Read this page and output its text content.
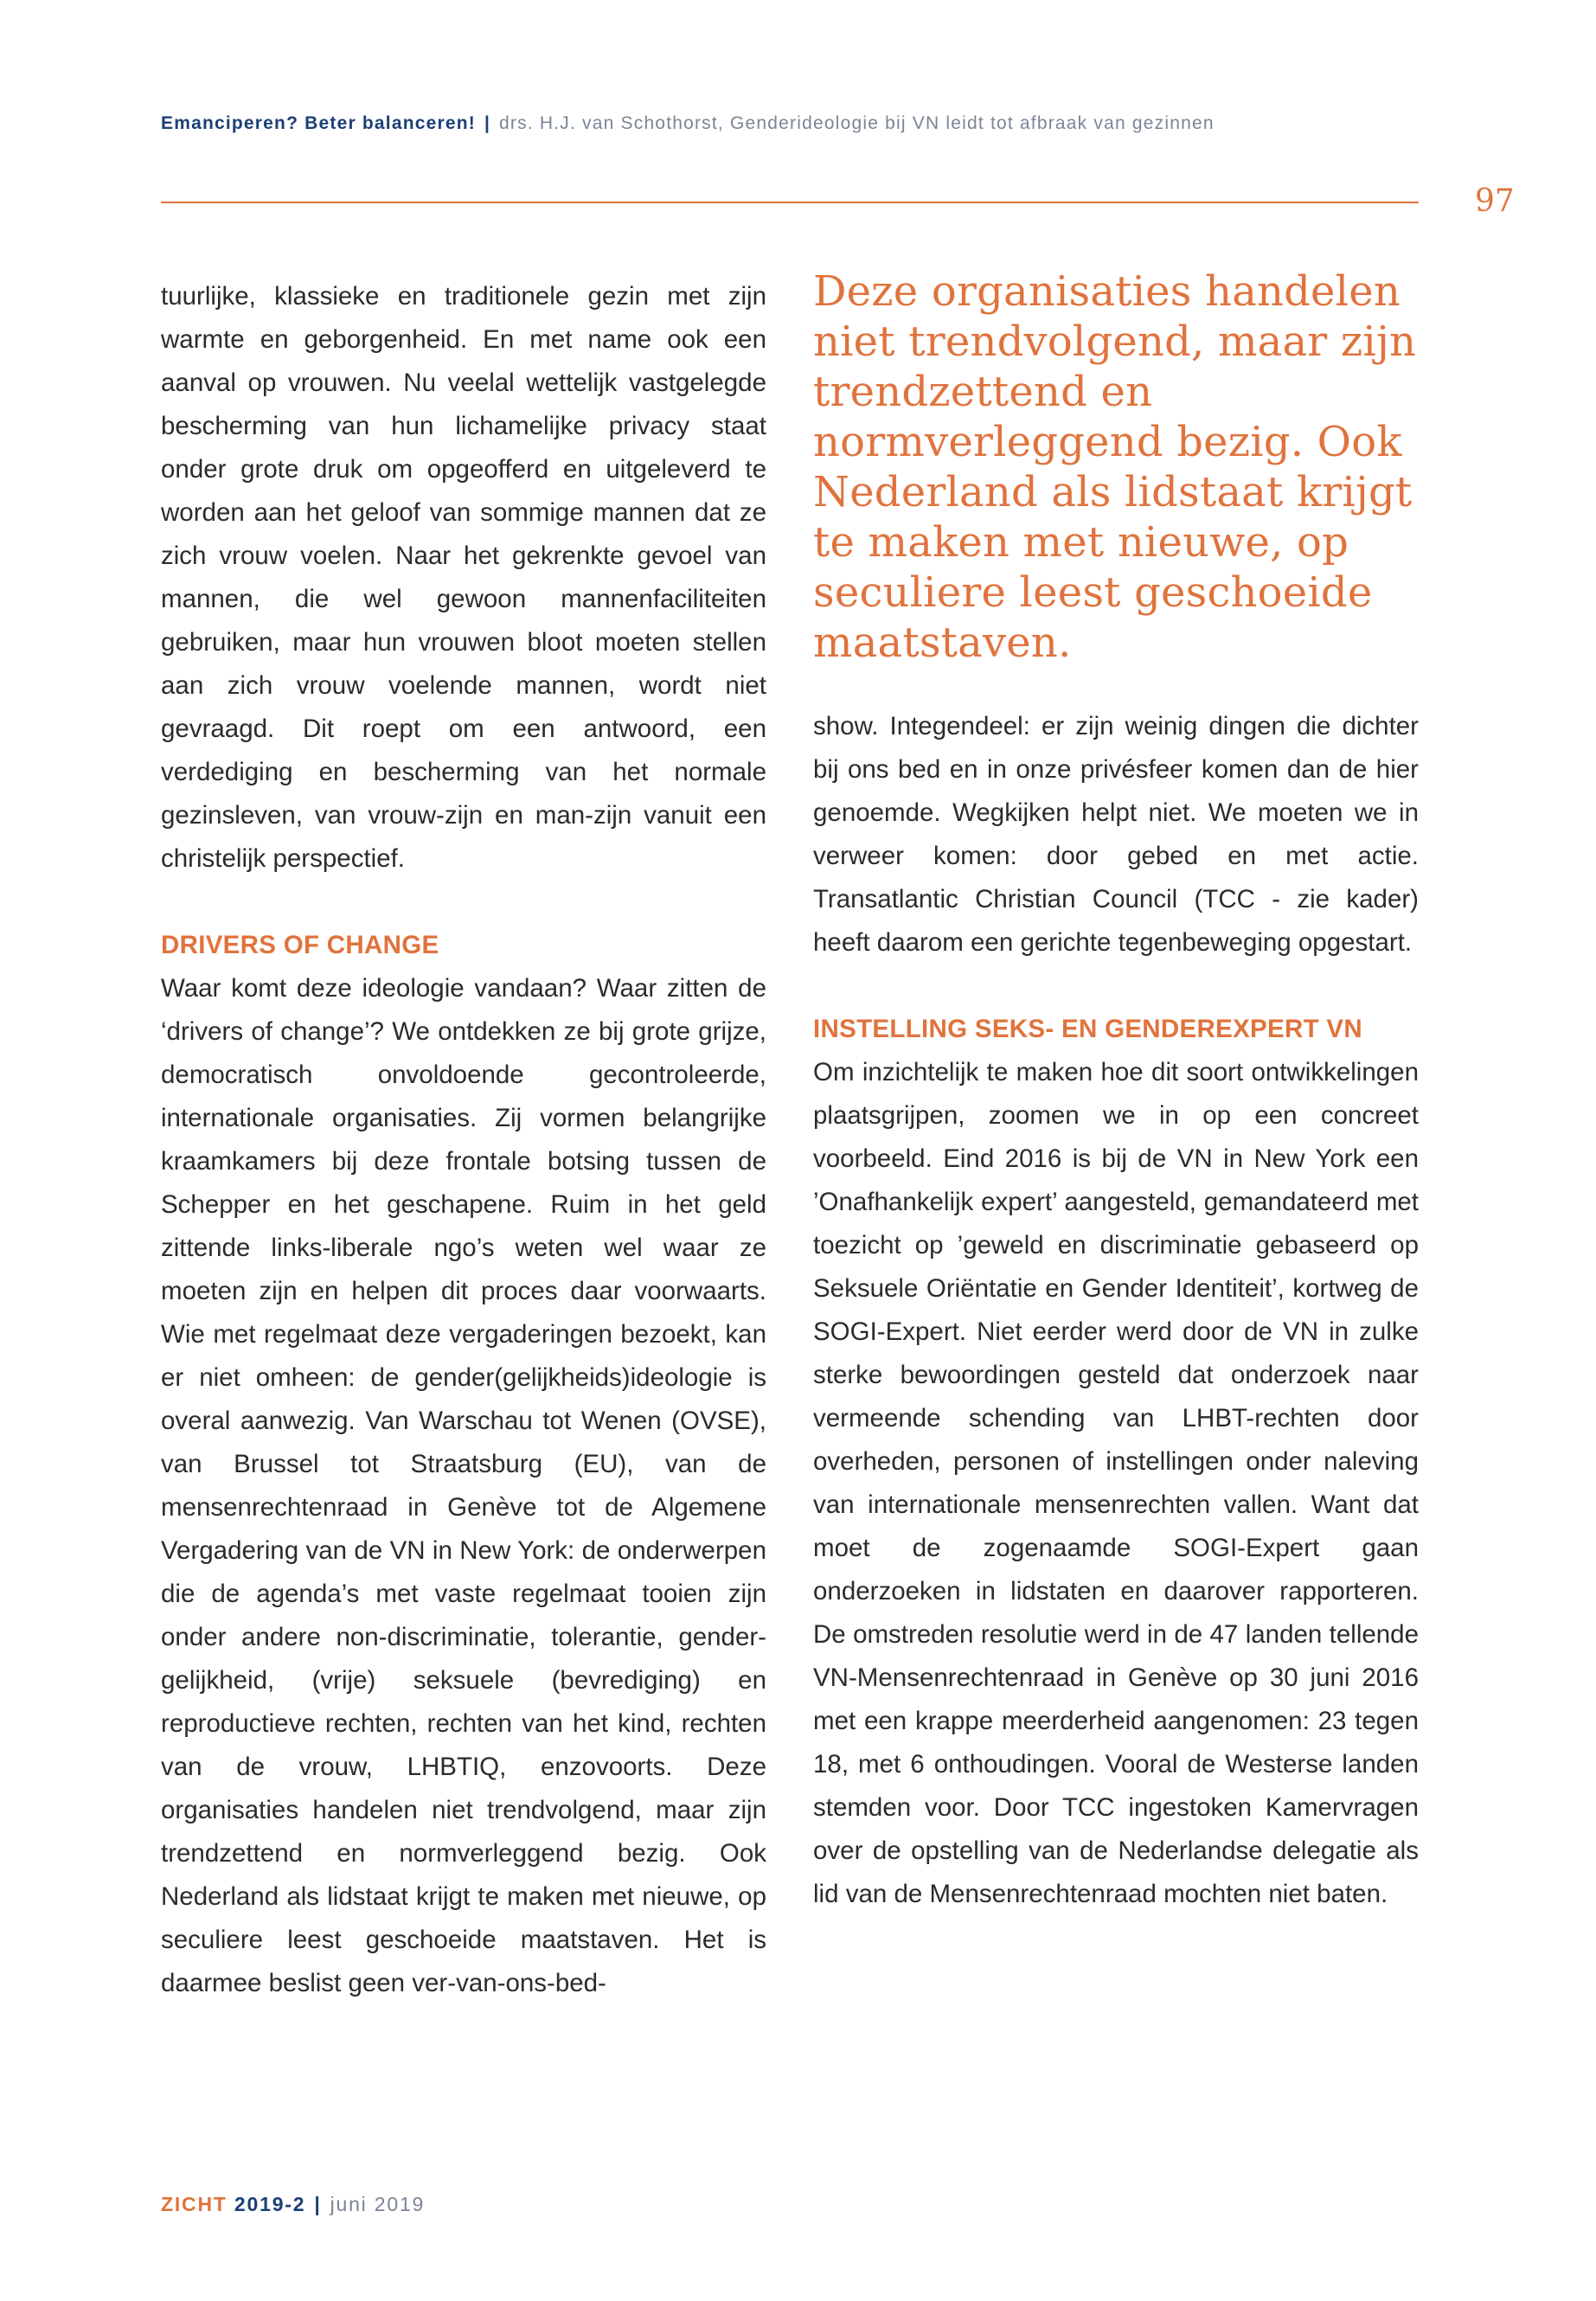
Emanciperen? Beter balanceren! | drs. H.J. van Schothorst, Genderideologie bij VN leidt tot afbraak van gezinnen
97

tuurlijke, klassieke en traditionele gezin met zijn warmte en geborgenheid. En met name ook een aanval op vrouwen. Nu veelal wettelijk vastgelegde bescherming van hun lichamelijke privacy staat onder grote druk om opgeofferd en uitgeleverd te worden aan het geloof van sommige mannen dat ze zich vrouw voelen. Naar het gekrenkte gevoel van mannen, die wel gewoon mannenfaciliteiten gebruiken, maar hun vrouwen bloot moeten stellen aan zich vrouw voelende mannen, wordt niet gevraagd. Dit roept om een antwoord, een verdediging en bescherming van het normale gezinsleven, van vrouw-zijn en man-zijn vanuit een christelijk perspectief.

DRIVERS OF CHANGE

Waar komt deze ideologie vandaan? Waar zitten de ‘drivers of change’? We ontdekken ze bij grote grijze, democratisch onvoldoende gecontroleerde, internationale organisaties. Zij vormen belangrijke kraamkamers bij deze frontale botsing tussen de Schepper en het geschapene. Ruim in het geld zittende links-liberale ngo’s weten wel waar ze moeten zijn en helpen dit proces daar voorwaarts. Wie met regelmaat deze vergaderingen bezoekt, kan er niet omheen: de gender(gelijkheids)ideologie is overal aanwezig. Van Warschau tot Wenen (OVSE), van Brussel tot Straatsburg (EU), van de mensenrechtenraad in Genève tot de Algemene Vergadering van de VN in New York: de onderwerpen die de agenda’s met vaste regelmaat tooien zijn onder andere non-discriminatie, tolerantie, gender-gelijkheid, (vrije) seksuele (bevrediging) en reproductieve rechten, rechten van het kind, rechten van de vrouw, LHBTIQ, enzovoorts. Deze organisaties handelen niet trendvolgend, maar zijn trendzettend en normverleggend bezig. Ook Nederland als lidstaat krijgt te maken met nieuwe, op seculiere leest geschoeide maatstaven. Het is daarmee beslist geen ver-van-ons-bed-

Deze organisaties handelen niet trendvolgend, maar zijn trendzettend en normverleggend bezig. Ook Nederland als lidstaat krijgt te maken met nieuwe, op seculiere leest geschoeide maatstaven.

show. Integendeel: er zijn weinig dingen die dichter bij ons bed en in onze privésfeer komen dan de hier genoemde. Wegkijken helpt niet. We moeten we in verweer komen: door gebed en met actie. Transatlantic Christian Council (TCC - zie kader) heeft daarom een gerichte tegenbeweging opgestart.

INSTELLING SEKS- EN GENDEREXPERT VN

Om inzichtelijk te maken hoe dit soort ontwikkelingen plaatsgrijpen, zoomen we in op een concreet voorbeeld. Eind 2016 is bij de VN in New York een ’Onafhankelijk expert’ aangesteld, gemandateerd met toezicht op ’geweld en discriminatie gebaseerd op Seksuele Oriëntatie en Gender Identiteit’, kortweg de SOGI-Expert. Niet eerder werd door de VN in zulke sterke bewoordingen gesteld dat onderzoek naar vermeende schending van LHBT-rechten door overheden, personen of instellingen onder naleving van internationale mensenrechten vallen. Want dat moet de zogenaamde SOGI-Expert gaan onderzoeken in lidstaten en daarover rapporteren. De omstreden resolutie werd in de 47 landen tellende VN-Mensenrechtenraad in Genève op 30 juni 2016 met een krappe meerderheid aangenomen: 23 tegen 18, met 6 onthoudingen. Vooral de Westerse landen stemden voor. Door TCC ingestoken Kamervragen over de opstelling van de Nederlandse delegatie als lid van de Mensenrechtenraad mochten niet baten.

ZICHT 2019-2 | juni 2019
